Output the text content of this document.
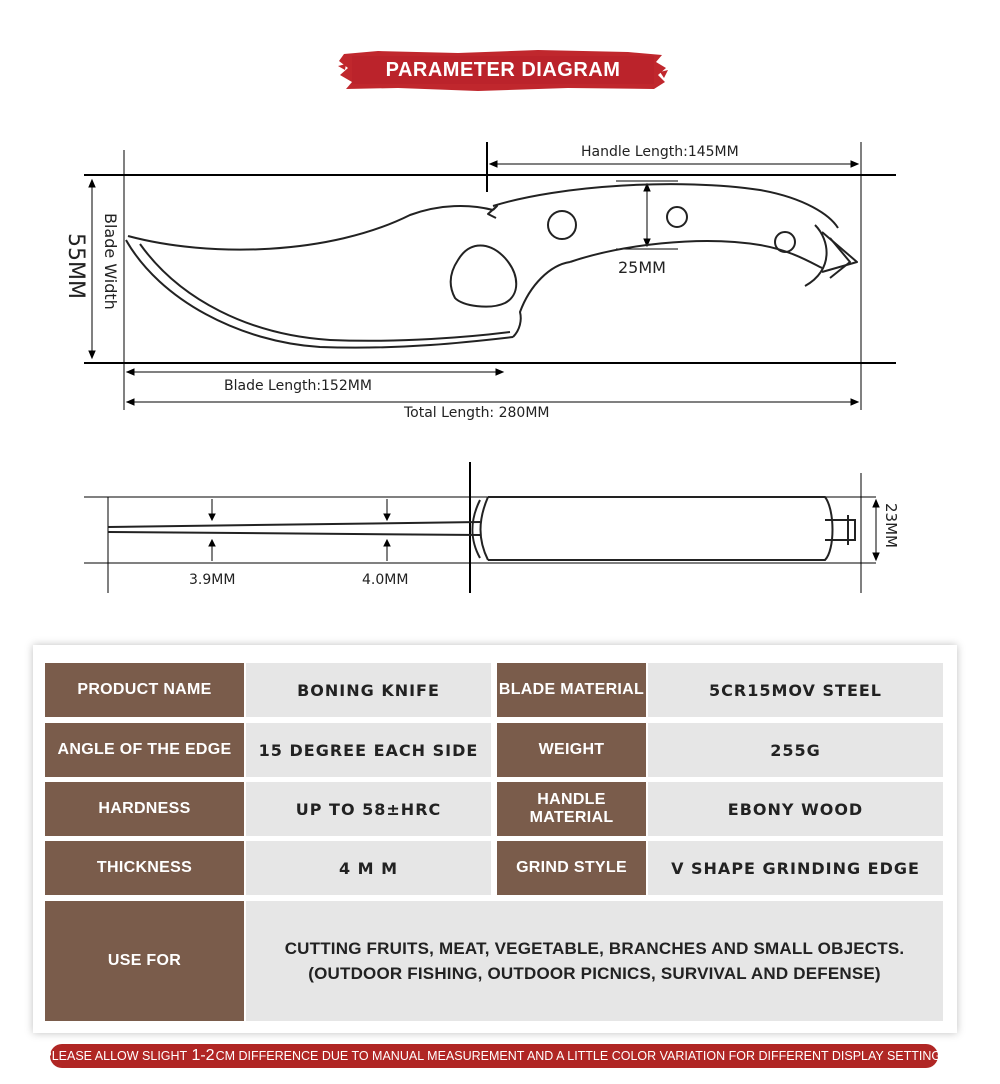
PARAMETER DIAGRAM
Handle Length:145MM
25MM
Blade Length:152MM
Total Length: 280MM
Blade Width
55MM
3.9MM	4.0MM
23MM
PRODUCT NAME	BONING KNIFE	BLADE MATERIAL	5CR15MOV STEEL
ANGLE OF THE EDGE	15 DEGREE EACH SIDE	WEIGHT	255G
HARDNESS	UP TO 58±HRC	HANDLE MATERIAL	EBONY WOOD
THICKNESS	4 M M	GRIND STYLE	V SHAPE GRINDING EDGE
USE FOR
CUTTING FRUITS, MEAT, VEGETABLE, BRANCHES AND SMALL OBJECTS.
(OUTDOOR FISHING, OUTDOOR PICNICS, SURVIVAL AND DEFENSE)
PLEASE ALLOW SLIGHT 1-2 CM DIFFERENCE DUE TO MANUAL MEASUREMENT AND A LITTLE COLOR VARIATION FOR DIFFERENT DISPLAY SETTING.
